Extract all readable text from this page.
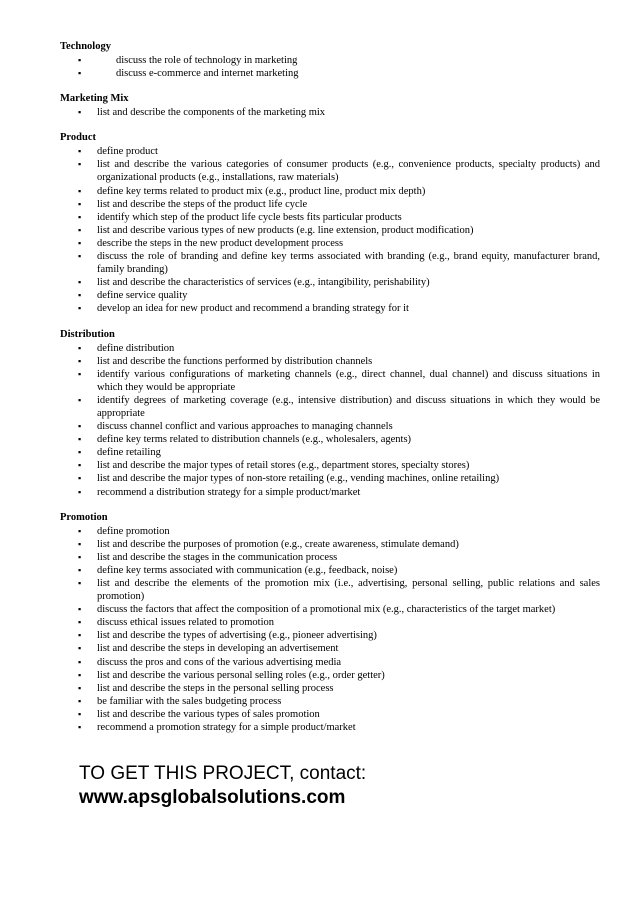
Technology
▪	discuss the role of technology in marketing
▪	discuss e-commerce and internet marketing
Marketing Mix
▪ list and describe the components of the marketing mix
Product
▪ define product
▪ list and describe the various categories of consumer products (e.g., convenience products, specialty products) and organizational products (e.g., installations, raw materials)
▪ define key terms related to product mix (e.g., product line, product mix depth)
▪ list and describe the steps of the product life cycle
▪ identify which step of the product life cycle bests fits particular products
▪ list and describe various types of new products (e.g. line extension, product modification)
▪ describe the steps in the new product development process
▪ discuss the role of branding and define key terms associated with branding (e.g., brand equity, manufacturer brand, family branding)
▪ list and describe the characteristics of services (e.g., intangibility, perishability)
▪ define service quality
▪ develop an idea for new product and recommend a branding strategy for it
Distribution
▪ define distribution
▪ list and describe the functions performed by distribution channels
▪ identify various configurations of marketing channels (e.g., direct channel, dual channel) and discuss situations in which they would be appropriate
▪ identify degrees of marketing coverage (e.g., intensive distribution) and discuss situations in which they would be appropriate
▪ discuss channel conflict and various approaches to managing channels
▪ define key terms related to distribution channels (e.g., wholesalers, agents)
▪ define retailing
▪ list and describe the major types of retail stores (e.g., department stores, specialty stores)
▪ list and describe the major types of non-store retailing (e.g., vending machines, online retailing)
▪ recommend a distribution strategy for a simple product/market
Promotion
▪ define promotion
▪ list and describe the purposes of promotion (e.g., create awareness, stimulate demand)
▪ list and describe the stages in the communication process
▪ define key terms associated with communication (e.g., feedback, noise)
▪ list and describe the elements of the promotion mix (i.e., advertising, personal selling, public relations and sales promotion)
▪ discuss the factors that affect the composition of a promotional mix (e.g., characteristics of the target market)
▪ discuss ethical issues related to promotion
▪ list and describe the types of advertising (e.g., pioneer advertising)
▪ list and describe the steps in developing an advertisement
▪ discuss the pros and cons of the various advertising media
▪ list and describe the various personal selling roles (e.g., order getter)
▪ list and describe the steps in the personal selling process
▪ be familiar with the sales budgeting process
▪ list and describe the various types of sales promotion
▪ recommend a promotion strategy for a simple product/market
TO GET THIS PROJECT, contact:
www.apsglobalsolutions.com
